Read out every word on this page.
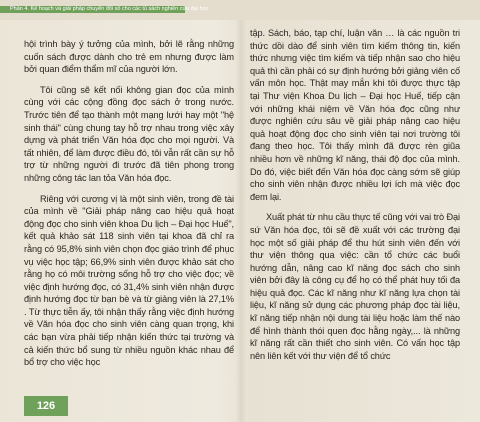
Phần 4. Kế hoạch và giải pháp chuyển đổi số cho các tủ sách nghiên cứu đại học

hội trình bày ý tưởng của mình, bởi lẽ rằng những cuốn sách được dành cho trẻ em nhưng được làm bởi quan điểm thẩm mĩ của người lớn.

Tôi cũng sẽ kết nối không gian đọc của mình cùng với các cộng đồng đọc sách ở trong nước. Trước tiên để tạo thành một mạng lưới hay một "hệ sinh thái" cùng chung tay hỗ trợ nhau trong việc xây dựng và phát triển Văn hóa đọc cho mọi người. Và tất nhiên, để làm được điều đó, tôi vẫn rất cần sự hỗ trợ từ những người đi trước đã tiên phong trong những công tác lan tỏa Văn hóa đọc.

Riêng với cương vị là một sinh viên, trong đề tài của mình về "Giải pháp nâng cao hiệu quả hoạt động đọc cho sinh viên khoa Du lịch – Đại học Huế", kết quả khảo sát 118 sinh viên tại khoa đã chỉ ra rằng có 95,8% sinh viên chọn đọc giáo trình để phục vụ việc học tập; 66,9% sinh viên được khảo sát cho rằng họ có môi trường sống hỗ trợ cho việc đọc; về việc định hướng đọc, có 31,4% sinh viên nhận được định hướng đọc từ bạn bè và từ giảng viên là 27,1% . Từ thực tiễn ấy, tôi nhận thấy rằng việc định hướng về Văn hóa đọc cho sinh viên càng quan trọng, khi các bạn vừa phải tiếp nhận kiến thức tại trường và cả kiến thức bổ sung từ nhiều nguồn khác nhau để bổ trợ cho việc học

tập. Sách, báo, tạp chí, luận văn … là các nguồn tri thức dồi dào để sinh viên tìm kiếm thông tin, kiến thức nhưng việc tìm kiếm và tiếp nhận sao cho hiệu quả thì cần phải có sự định hướng bởi giảng viên cố vấn môn học. Thật may mắn khi tôi được thực tập tại Thư viện Khoa Du lịch – Đại học Huế, tiếp cận với những khái niệm về Văn hóa đọc cũng như được nghiên cứu sâu về giải pháp nâng cao hiệu quả hoạt động đọc cho sinh viên tại nơi trường tôi đang theo học. Tôi thấy mình đã được rèn giũa nhiều hơn về những kĩ năng, thái độ đọc của mình. Do đó, việc biết đến Văn hóa đọc càng sớm sẽ giúp cho sinh viên nhận được nhiều lợi ích mà việc đọc đem lại.

Xuất phát từ nhu cầu thực tế cũng với vai trò Đại sứ Văn hóa đọc, tôi sẽ đề xuất với các trường đại học một số giải pháp để thu hút sinh viên đến với thư viện thông qua việc: cần tổ chức các buổi hướng dẫn, nâng cao kĩ năng đọc sách cho sinh viên bởi đây là công cụ để họ có thể phát huy tối đa hiệu quả đọc. Các kĩ năng như kĩ năng lựa chọn tài liệu, kĩ năng sử dụng các phương pháp đọc tài liệu, kĩ năng tiếp nhận nội dung tài liệu hoặc làm thế nào để hình thành thói quen đọc hằng ngày,... là những kĩ năng rất cần thiết cho sinh viên. Có vấn học tập nên liên kết với thư viện để tổ chức

126
